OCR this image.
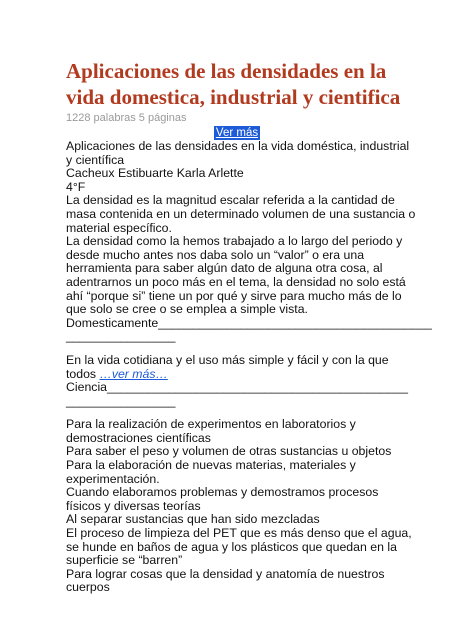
Aplicaciones de las densidades en la vida domestica, industrial y cientifica
1228 palabras 5 páginas
Ver más

Aplicaciones de las densidades en la vida doméstica, industrial y científica

Cacheux Estibuarte Karla Arlette

4°F

La densidad es la magnitud escalar referida a la cantidad de masa contenida en un determinado volumen de una sustancia o material específico.

La densidad como la hemos trabajado a lo largo del periodo y desde mucho antes nos daba solo un “valor” o era una herramienta para saber algún dato de alguna otra cosa, al adentrarnos un poco más en el tema, la densidad no solo está ahí “porque si” tiene un por qué y sirve para mucho más de lo que solo se cree o se emplea a simple vista.

Domesticamente________________________________________

________________

En la vida cotidiana y el uso más simple y fácil y con la que todos …ver más…

Ciencia____________________________________________

________________

Para la realización de experimentos en laboratorios y demostraciones científicas

Para saber el peso y volumen de otras sustancias u objetos

Para la elaboración de nuevas materias, materiales y experimentación.

Cuando elaboramos problemas y demostramos procesos físicos y diversas teorías

Al separar sustancias que han sido mezcladas

El proceso de limpieza del PET que es más denso que el agua, se hunde en baños de agua y los plásticos que quedan en la superficie se “barren”

Para lograr cosas que la densidad y anatomía de nuestros cuerpos
